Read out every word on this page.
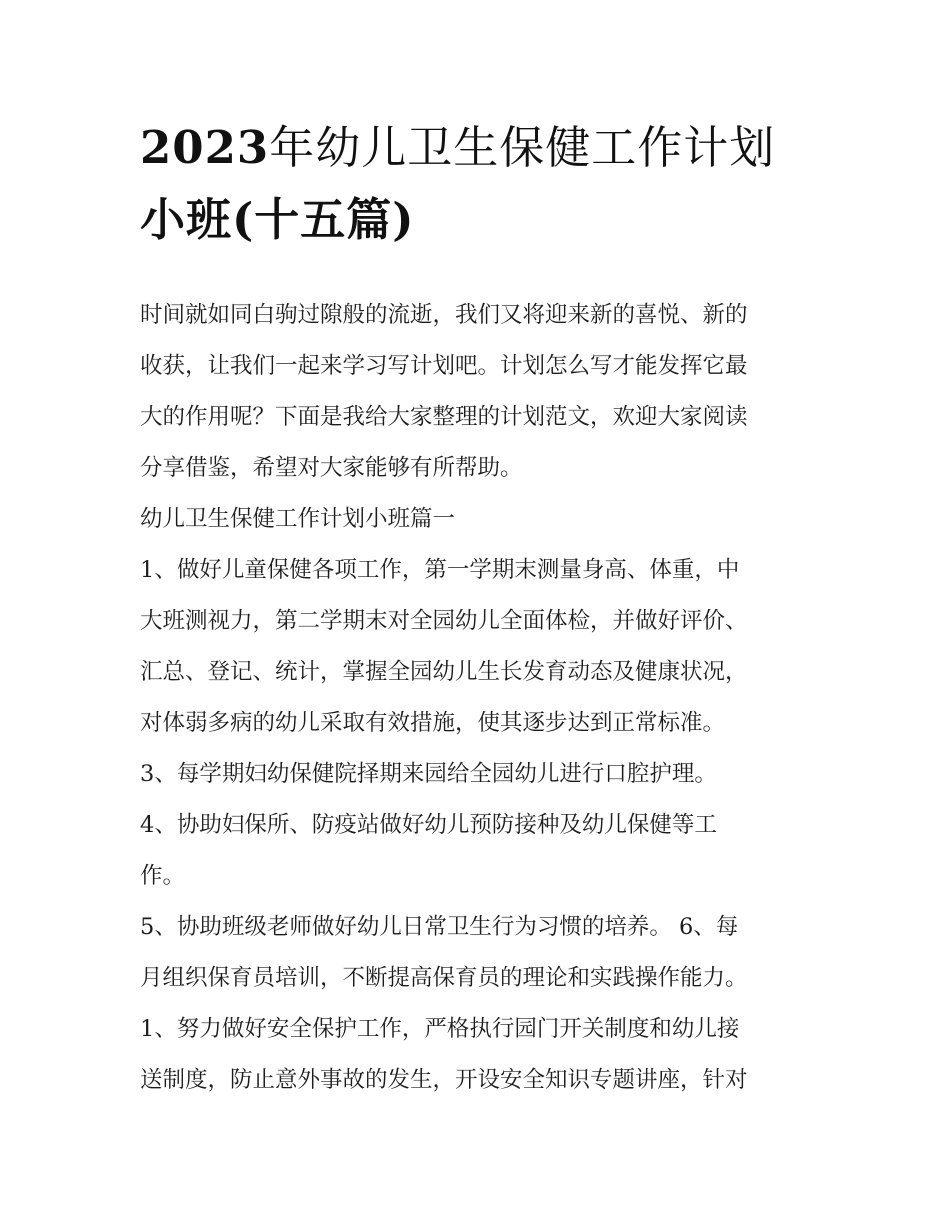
2023年幼儿卫生保健工作计划
小班(十五篇)

时间就如同白驹过隙般的流逝，我们又将迎来新的喜悦、新的

收获，让我们一起来学习写计划吧。计划怎么写才能发挥它最

大的作用呢？下面是我给大家整理的计划范文，欢迎大家阅读

分享借鉴，希望对大家能够有所帮助。

幼儿卫生保健工作计划小班篇一

1、做好儿童保健各项工作，第一学期末测量身高、体重，中

大班测视力，第二学期末对全园幼儿全面体检，并做好评价、

汇总、登记、统计，掌握全园幼儿生长发育动态及健康状况，

对体弱多病的幼儿采取有效措施，使其逐步达到正常标准。

3、每学期妇幼保健院择期来园给全园幼儿进行口腔护理。

4、协助妇保所、防疫站做好幼儿预防接种及幼儿保健等工

作。

5、协助班级老师做好幼儿日常卫生行为习惯的培养。 6、每

月组织保育员培训，不断提高保育员的理论和实践操作能力。

1、努力做好安全保护工作，严格执行园门开关制度和幼儿接

送制度，防止意外事故的发生，开设安全知识专题讲座，针对
